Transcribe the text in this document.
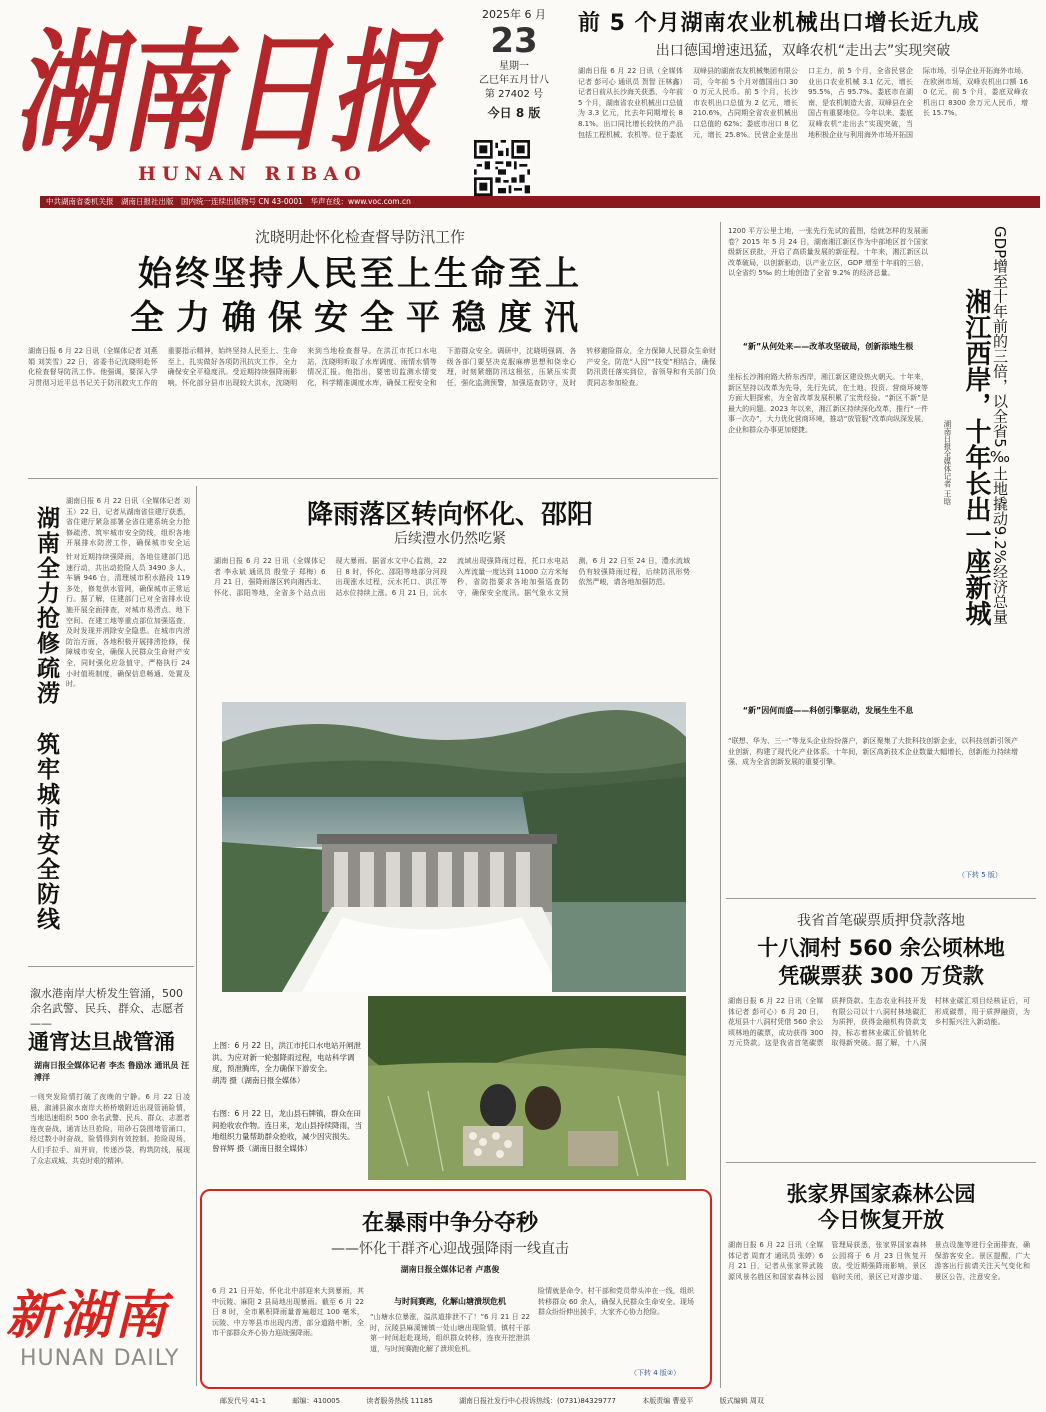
湖南日报
HUNAN RIBAO
2025年 6 月
23
星期一
乙巳年五月廿八
第 27402 号
今日 8 版
前 5 个月湖南农业机械出口增长近九成
出口德国增速迅猛，双峰农机“走出去”实现突破
湖南日报 6 月 22 日讯（全媒体记者 彭可心 通讯员 贺智 汪林鑫）记者日前从长沙海关获悉，今年前 5 个月，湖南省农业机械出口总值为 3.3 亿元，比去年同期增长 88.1%。出口同比增长较快的产品包括工程机械、农机等。位于娄底双峰县的湖南农友机械集团有限公司，今年前 5 个月对德国出口 300 万元人民币。前 5 个月，长沙市农机出口总值为 2 亿元，增长 210.6%，占同期全省农业机械出口总值的 62%；娄底市出口 8 亿元，增长 25.8%。民营企业是出口主力，前 5 个月，全省民营企业出口农业机械 3.1 亿元，增长 95.5%，占 95.7%。娄底市在湖南，是农机制造大省，双峰县在全国占有重要地位。今年以来，娄底双峰农机“走出去”实现突破，当地积极企业与利用海外市场开拓国际市场，引导企业开拓海外市场，在欧洲市场，双峰农机出口额 160 亿元，前 5 个月，娄底双峰农机出口 8300 余万元人民币，增长 15.7%。
中共湖南省委机关报　湖南日报社出版　国内统一连续出版物号 CN 43-0001　华声在线：www.voc.com.cn
沈晓明赴怀化检查督导防汛工作
始终坚持人民至上生命至上
全力确保安全平稳度汛
湖南日报 6 月 22 日讯（全媒体记者 刘燕娟 刘笑雪）22 日，省委书记沈晓明赴怀化检查督导防汛工作。他强调，要深入学习贯彻习近平总书记关于防汛救灾工作的重要指示精神，始终坚持人民至上、生命至上，扎实做好各项防汛抗灾工作，全力确保安全平稳度汛。受近期持续强降雨影响，怀化部分县市出现较大洪水，沈晓明来到当地检查督导。在洪江市托口水电站，沈晓明听取了水库调度、雨情水情等情况汇报。他指出，要密切监测水情变化，科学精准调度水库，确保工程安全和下游群众安全。调研中，沈晓明强调，各级各部门要坚决克服麻痹思想和侥幸心理，时刻紧绷防汛这根弦，压紧压实责任，强化监测预警，加强巡查防守，及时转移避险群众，全力保障人民群众生命财产安全。防范“人因”“技变”相结合，确保防汛责任落实到位，省领导和有关部门负责同志参加检查。
湖南日报 6 月 22 日讯（全媒体记者 刘玉）22 日，记者从湖南省住建厅获悉，省住建厅紧急部署全省住建系统全力抢修疏涝、筑牢城市安全防线，组织各地开展排水防涝工作，确保城市安全运
湖南全力抢修疏涝
筑牢城市安全防线
针对近期持续强降雨，各地住建部门迅速行动，共出动抢险人员 3490 多人，车辆 946 台，清理城市积水路段 119 多处，修复供水管网，确保城市正常运行。据了解，住建部门已对全省排水设施开展全面排查，对城市易涝点、地下空间、在建工地等重点部位加强巡查，及时发现并消除安全隐患。在城市内涝防治方面，各地积极开展排涝抢修，保障城市安全，确保人民群众生命财产安全，同时强化应急值守，严格执行 24 小时值班制度，确保信息畅通、处置及时。
溆水港南岸大桥发生管涌，500余名武警、民兵、群众、志愿者——
通宵达旦战管涌
湖南日报全媒体记者 李杰 鲁励冰 通讯员 汪溥洋
一则突发险情打破了夜晚的宁静。6 月 22 日凌晨，溆浦县溆水南岸大桥桥墩附近出现管涌险情，当地迅速组织 500 余名武警、民兵、群众、志愿者连夜奋战，通宵达旦抢险，用砂石袋围堵管涌口，经过数小时奋战，险情得到有效控制。抢险现场，人们手拉手、肩并肩，传递沙袋，构筑防线，展现了众志成城、共克时艰的精神。
降雨落区转向怀化、邵阳
后续澧水仍然吃紧
湖南日报 6 月 22 日讯（全媒体记者 李永斌 通讯员 殷莹子 郑梅）6 月 21 日，强降雨落区转向湘西北、怀化、邵阳等地，全省多个站点出现大暴雨。据省水文中心监测，22 日 8 时，怀化、邵阳等地部分河段出现涨水过程，沅水托口、洪江等站水位持续上涨。6 月 21 日，沅水流域出现强降雨过程，托口水电站入库流量一度达到 11000 立方米每秒，省防指要求各地加强巡查防守，确保安全度汛。据气象水文预测，6 月 22 日至 24 日，澧水流域仍有较强降雨过程，后续防汛形势依然严峻，请各地加强防范。
上图：6 月 22 日，洪江市托口水电站开闸泄洪。为应对新一轮强降雨过程，电站科学调度，预泄腾库，全力确保下游安全。
胡涛 摄（湖南日报全媒体）
右图：6 月 22 日，龙山县石牌镇，群众在田间抢收农作物。连日来，龙山县持续降雨，当地组织力量帮助群众抢收，减少因灾损失。
曾祥辉 摄（湖南日报全媒体）
在暴雨中争分夺秒
——怀化干群齐心迎战强降雨一线直击
湖南日报全媒体记者 卢惠俊
6 月 21 日开始，怀化北中部迎来大到暴雨，其中沅陵、麻阳 2 县局地出现暴雨。截至 6 月 22 日 8 时，全市累积降雨量普遍超过 100 毫米，沅陵、中方等县市出现内涝，部分道路中断，全市干部群众齐心协力迎战强降雨。
与时间赛跑，化解山塘溃坝危机
“山塘水位暴涨，溢洪道排泄不了！”6 月 21 日 22 时，沅陵县麻溪铺镇一处山塘出现险情，镇村干部第一时间赶赴现场，组织群众转移，连夜开挖泄洪道，与时间赛跑化解了溃坝危机。
险情就是命令。村干部和党员带头冲在一线，组织转移群众 60 余人，确保人民群众生命安全。现场群众纷纷伸出援手，大家齐心协力抢险。
（下转 4 版②）
GDP增至十年前的三倍，以全省5‰土地撬动9.2%经济总量
湘江西岸，十年长出一座新城
湖南日报全媒体记者 王晗
1200 平方公里土地，一张先行先试的蓝图，绘就怎样的发展画卷？2015 年 5 月 24 日，湖南湘江新区作为中部地区首个国家级新区获批，开启了高质量发展的新征程。十年来，湘江新区以改革破局，以创新驱动，以产业立区，GDP 增至十年前的三倍，以全省约 5‰ 的土地创造了全省 9.2% 的经济总量。
“新”从何处来——改革攻坚破局，创新添地生根
坐标长沙湘府路大桥东西岸，湘江新区建设热火朝天。十年来，新区坚持以改革为先导，先行先试，在土地、投资、营商环境等方面大胆探索，为全省改革发展积累了宝贵经验。“新区不新”是最大的问题。2023 年以来，湘江新区持续深化改革，推行“一件事一次办”，大力优化营商环境，推动“放管服”改革向纵深发展，企业和群众办事更加便捷。
“新”因何而盛——科创引擎驱动，发展生生不息
“联想、华为、三一”等龙头企业纷纷落户，新区聚集了大批科技创新企业，以科技创新引领产业创新，构建了现代化产业体系。十年间，新区高新技术企业数量大幅增长，创新能力持续增强，成为全省创新发展的重要引擎。
（下转 5 版）
我省首笔碳票质押贷款落地
十八洞村 560 余公顷林地
凭碳票获 300 万贷款
湖南日报 6 月 22 日讯（全媒体记者 彭可心）6 月 20 日，花垣县十八洞村凭借 560 余公顷林地的碳票，成功获得 300 万元贷款。这是我省首笔碳票质押贷款。生态农业科技开发有限公司以十八洞村林地碳汇为质押，获得金融机构贷款支持，标志着林业碳汇价值转化取得新突破。据了解，十八洞村林业碳汇项目经核证后，可形成碳票，用于质押融资，为乡村振兴注入新动能。
张家界国家森林公园
今日恢复开放
湖南日报 6 月 22 日讯（全媒体记者 周育才 通讯员 张婷）6 月 21 日，记者从张家界武陵源风景名胜区和国家森林公园管理局获悉，张家界国家森林公园将于 6 月 23 日恢复开放。受近期强降雨影响，景区临时关闭，景区已对游步道、景点设施等进行全面排查，确保游客安全。景区提醒，广大游客出行前请关注天气变化和景区公告，注意安全。
新湖南
HUNAN DAILY
邮发代号 41-1	邮编：410005	读者服务热线 11185	湖南日报社发行中心投诉热线：(0731)84329777	本版责编 曹爱平	版式编辑 周双
